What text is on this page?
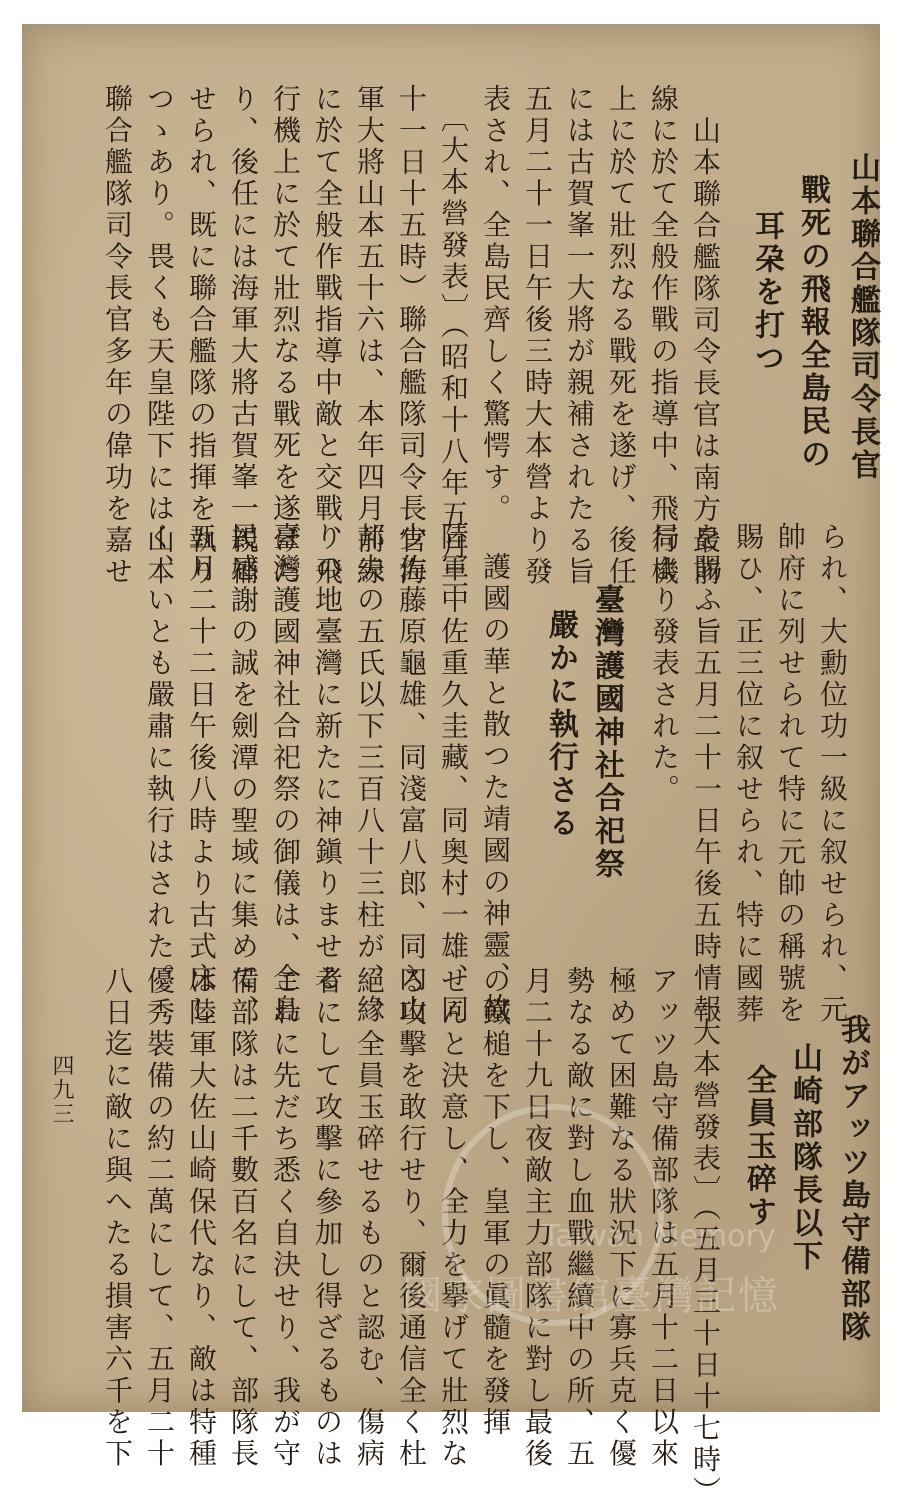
山本聯合艦隊司令長官
戰死の飛報全島民の
耳朶を打つ
山本聯合艦隊司令長官は南方最前
線に於て全般作戰の指導中、飛行機
上に於て壯烈なる戰死を遂げ、後任
には古賀峯一大將が親補されたる旨
五月二十一日午後三時大本營より發
表され、全島民齊しく驚愕す。
〔大本營發表〕（昭和十八年五月二
十一日十五時）聯合艦隊司令長官海
軍大將山本五十六は、本年四月前線
に於て全般作戰指導中敵と交戰、飛
行機上に於て壯烈なる戰死を遂げた
り、後任には海軍大將古賀峯一親補
せられ、既に聯合艦隊の指揮を執り
つゝあり。畏くも天皇陛下には山本
聯合艦隊司令長官多年の偉功を嘉せ
られ、大勳位功一級に叙せられ、元
帥府に列せられて特に元帥の稱號を
賜ひ、正三位に叙せられ、特に國葬
を賜ふ旨五月二十一日午後五時情報
局より發表された。
臺灣護國神社合祀祭
嚴かに執行さる
護國の華と散つた靖國の神靈、故
陸軍中佐重久圭藏、同奥村一雄、同
少佐藤原龜雄、同淺富八郎、同內山
邦夫の五氏以下三百八十三柱が、緣
りの地臺灣に新たに神鎭りませる
臺灣護國神社合祀祭の御儀は、全島
民感謝の誠を劍潭の聖域に集めて、
五月二十二日午後八時より古式床し
く、いとも嚴肅に執行はされた。
我がアッツ島守備部隊
山崎部隊長以下
全員玉碎す
〔大本營發表〕（五月三十日十七時）
アッツ島守備部隊は五月十二日以來
極めて困難なる狀況下に寡兵克く優
勢なる敵に對し血戰繼續中の所、五
月二十九日夜敵主力部隊に對し最後
の鐵槌を下し、皇軍の眞髓を發揮
せんと決意し、全力を擧げて壯烈な
る攻擊を敢行せり、爾後通信全く杜
絕、全員玉碎せるものと認む、傷病
者にして攻擊に參加し得ざるものは
これに先だち悉く自決せり、我が守
備部隊は二千數百名にして、部隊長
は陸軍大佐山崎保代なり、敵は特種
優秀裝備の約二萬にして、五月二十
八日迄に敵に與へたる損害六千を下
四九三
Taiwan Memory
國家圖書館臺灣記憶
